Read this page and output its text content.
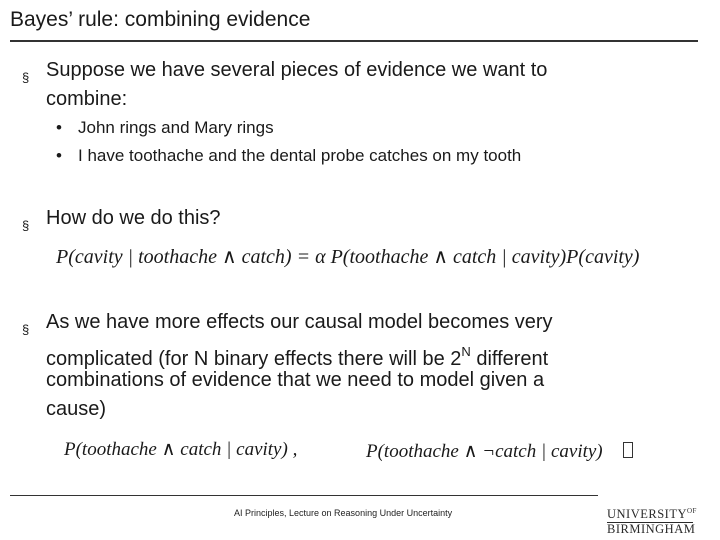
Bayes’ rule: combining evidence
§ Suppose we have several pieces of evidence we want to
combine:
• John rings and Mary rings
• I have toothache and the dental probe catches on my tooth
§ How do we do this?
P(cavity | toothache ∧ catch) = α P(toothache ∧ catch | cavity)P(cavity)
§ As we have more effects our causal model becomes very
complicated (for N binary effects there will be $2^N$ different
combinations of evidence that we need to model given a
cause)
P(toothache ∧ catch | cavity) ,	P(toothache ∧ ¬catch | cavity)
AI Principles, Lecture on Reasoning Under Uncertainty	$UNIVERSITY^{OF}$
BIRMINGHAM
